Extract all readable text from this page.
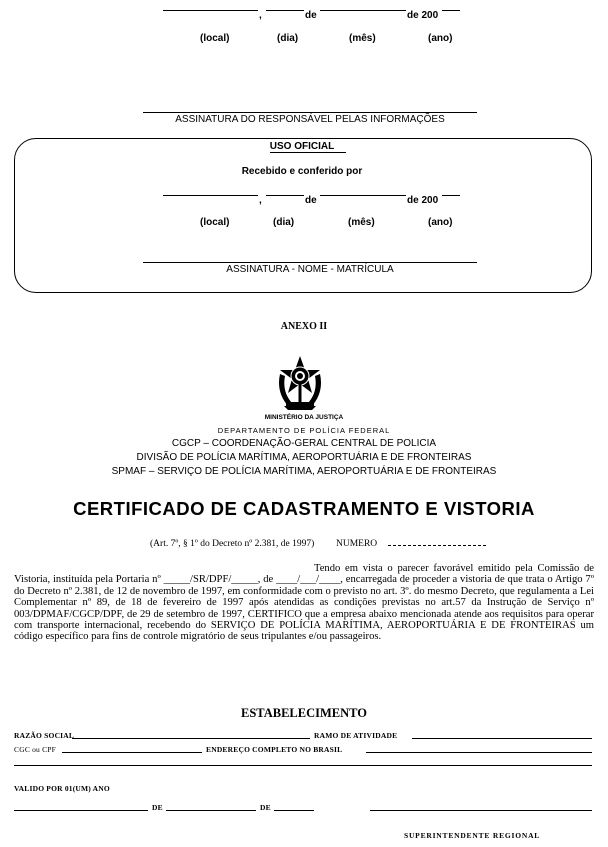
,	de	de 200
(local)	(dia)	(mês)	(ano)
ASSINATURA DO RESPONSÁVEL PELAS INFORMAÇÕES
USO OFICIAL
Recebido e conferido por
,	de	de 200
(local)	(dia)	(mês)	(ano)
ASSINATURA - NOME - MATRÍCULA
ANEXO II
MINISTÉRIO DA JUSTIÇA
DEPARTAMENTO DE POLÍCIA FEDERAL
CGCP – COORDENAÇÃO-GERAL CENTRAL DE POLICIA
DIVISÃO DE POLÍCIA MARÍTIMA, AEROPORTUÁRIA E DE FRONTEIRAS
SPMAF – SERVIÇO DE POLÍCIA MARÍTIMA, AEROPORTUÁRIA E DE FRONTEIRAS
CERTIFICADO DE CADASTRAMENTO E VISTORIA
(Art. 7º, § 1º do Decreto nº 2.381, de 1997) NUMERO

Tendo em vista o parecer favorável emitido pela Comissão de Vistoria, instituída pela Portaria nº _____/SR/DPF/_____, de ____/___/____, encarregada de proceder a vistoria de que trata o Artigo 7º do Decreto nº 2.381, de 12 de novembro de 1997, em conformidade com o previsto no art. 3º. do mesmo Decreto, que regulamenta a Lei Complementar nº 89, de 18 de fevereiro de 1997 após atendidas as condições previstas no art.57 da Instrução de Serviço nº 003/DPMAF/CGCP/DPF, de 29 de setembro de 1997, CERTIFICO que a empresa abaixo mencionada atende aos requisitos para operar com transporte internacional, recebendo do SERVIÇO DE POLÍCIA MARÍTIMA, AEROPORTUÁRIA E DE FRONTEIRAS um código específico para fins de controle migratório de seus tripulantes e/ou passageiros.

ESTABELECIMENTO
RAZÃO SOCIAL	RAMO DE ATIVIDADE
CGC ou CPF	ENDEREÇO COMPLETO NO BRASIL
VALIDO POR 01(UM) ANO
DE	DE
SUPERINTENDENTE REGIONAL
